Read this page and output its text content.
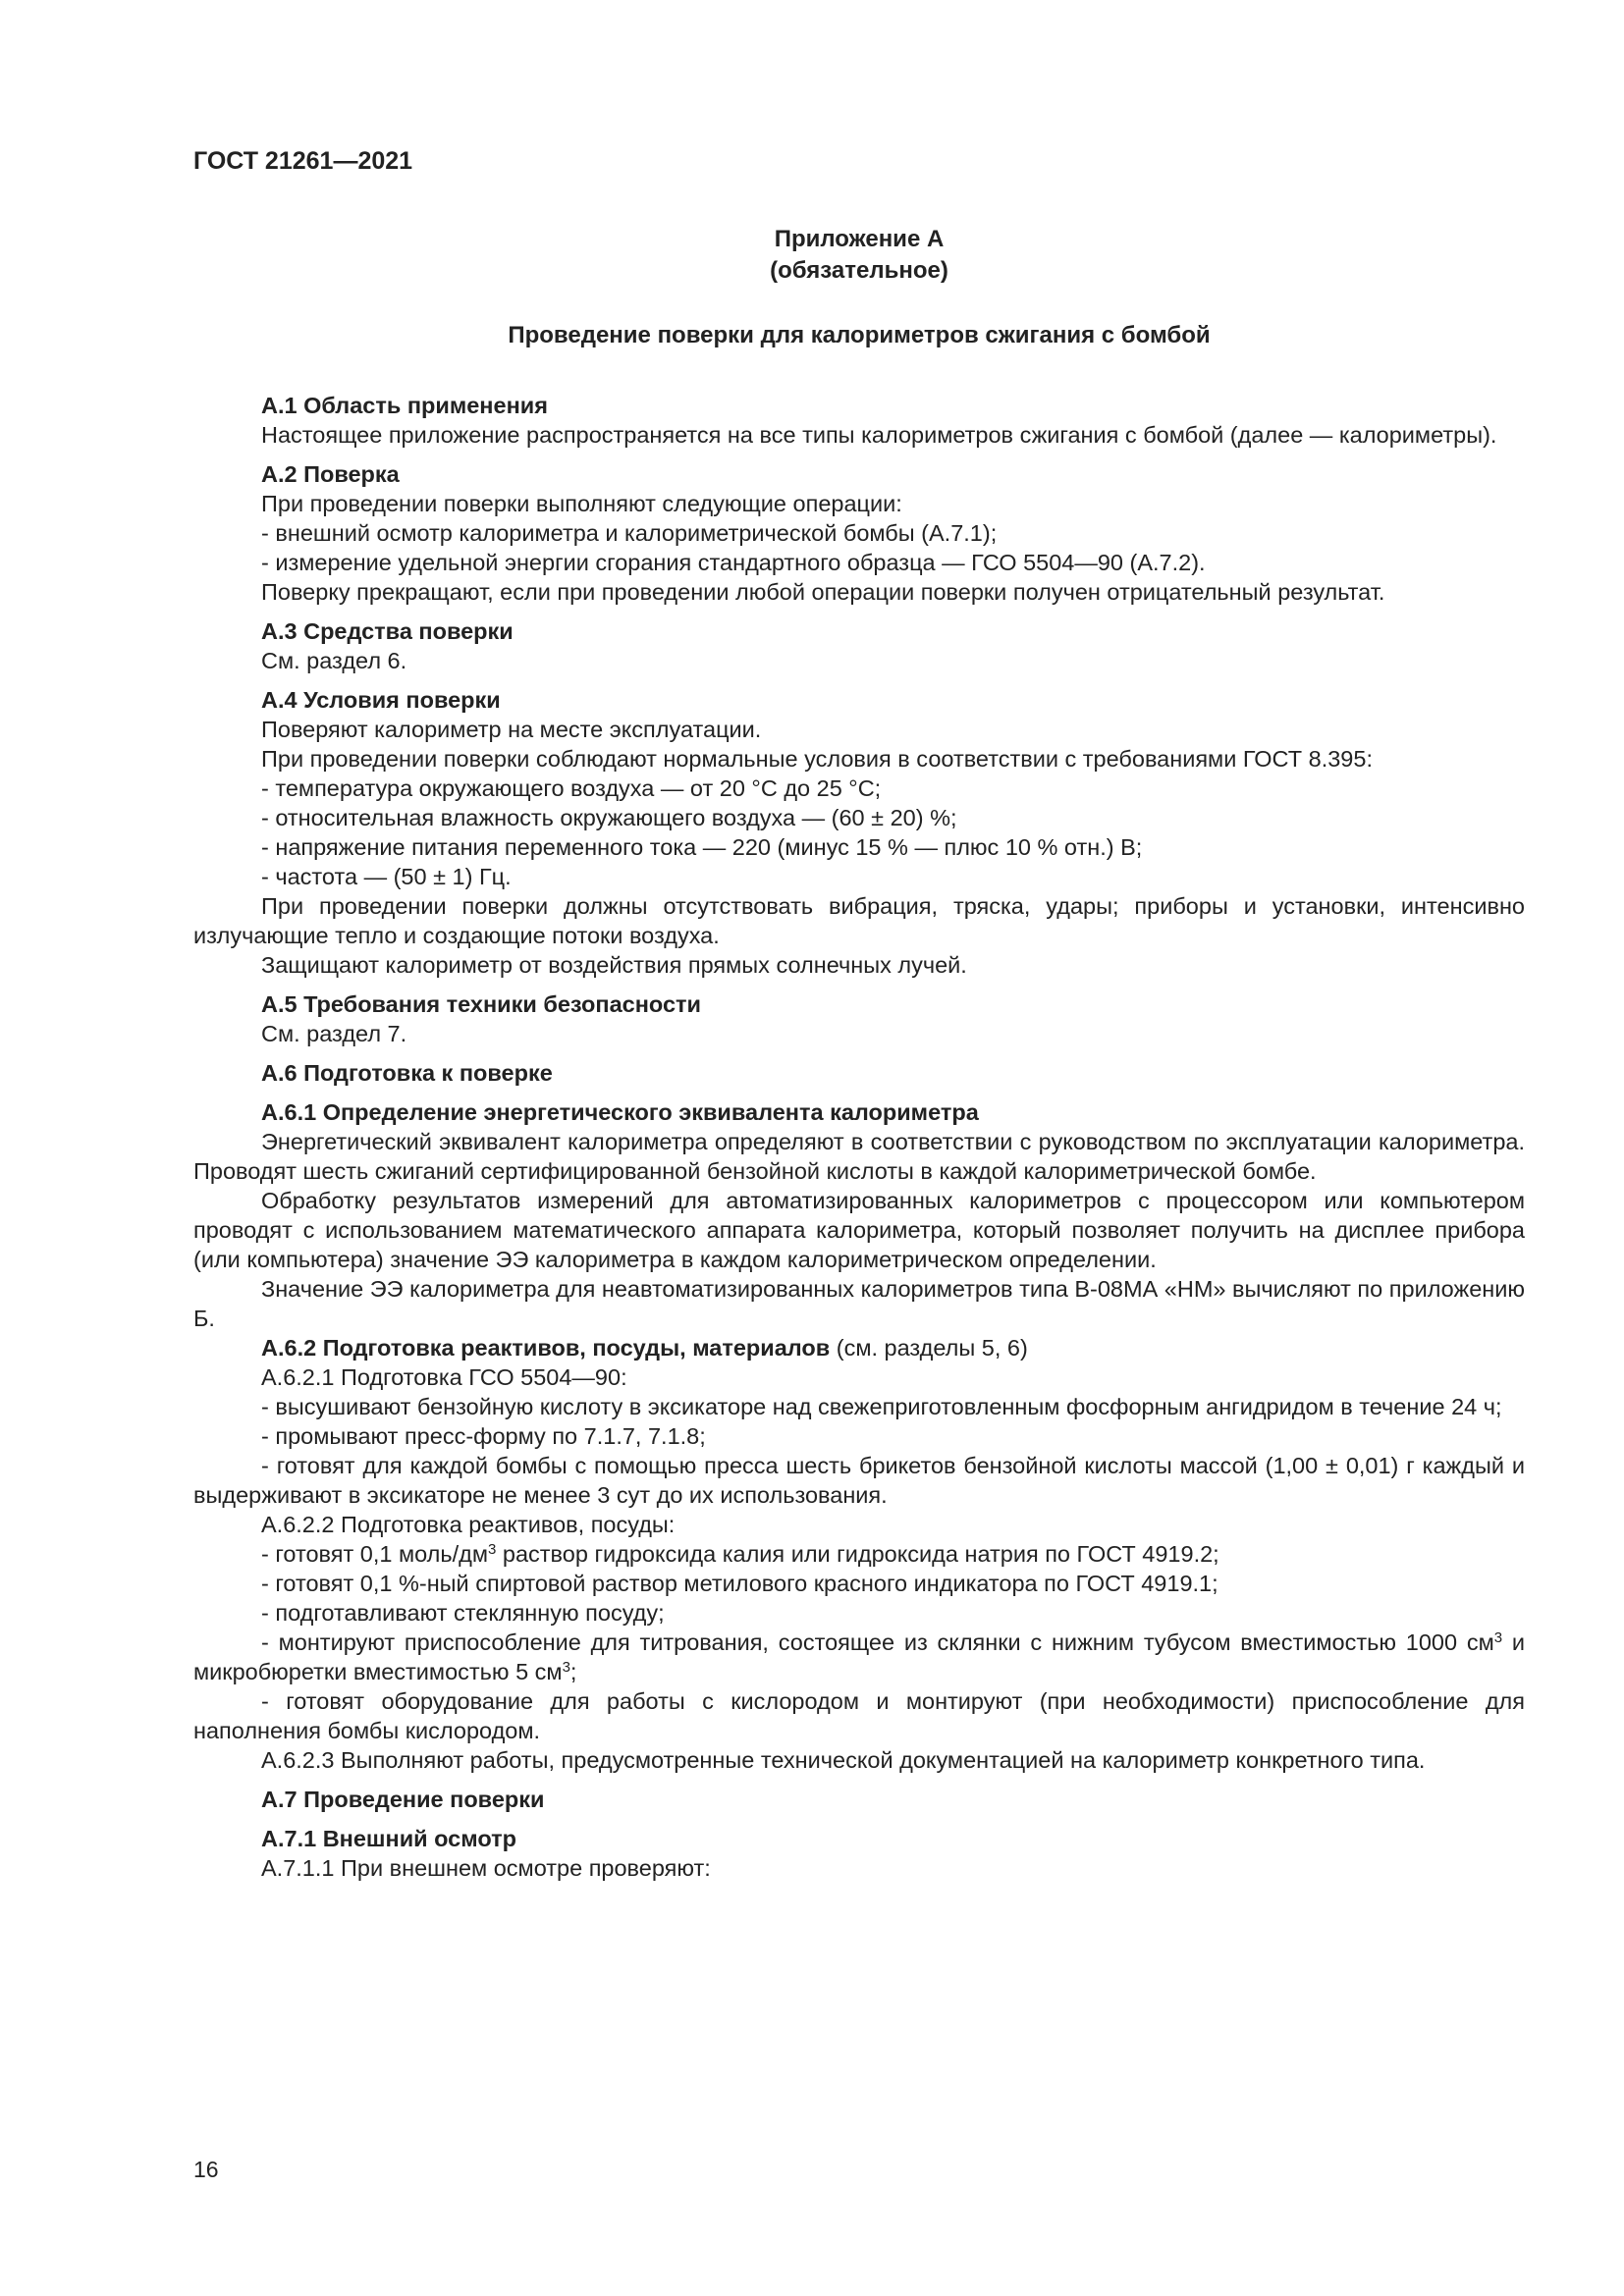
ГОСТ 21261—2021

Приложение А

(обязательное)

Проведение поверки для калориметров сжигания с бомбой

А.1 Область применения

Настоящее приложение распространяется на все типы калориметров сжигания с бомбой (далее — калориметры).

А.2 Поверка

При проведении поверки выполняют следующие операции:

- внешний осмотр калориметра и калориметрической бомбы (А.7.1);

- измерение удельной энергии сгорания стандартного образца — ГСО 5504—90 (А.7.2).

Поверку прекращают, если при проведении любой операции поверки получен отрицательный результат.

А.3 Средства поверки

См. раздел 6.

А.4 Условия поверки

Поверяют калориметр на месте эксплуатации.

При проведении поверки соблюдают нормальные условия в соответствии с требованиями ГОСТ 8.395:

- температура окружающего воздуха — от 20 °С до 25 °С;

- относительная влажность окружающего воздуха — (60 ± 20) %;

- напряжение питания переменного тока — 220 (минус 15 % — плюс 10 % отн.) В;

- частота — (50 ± 1) Гц.

При проведении поверки должны отсутствовать вибрация, тряска, удары; приборы и установки, интенсивно излучающие тепло и создающие потоки воздуха.

Защищают калориметр от воздействия прямых солнечных лучей.

А.5 Требования техники безопасности

См. раздел 7.

А.6 Подготовка к поверке

А.6.1 Определение энергетического эквивалента калориметра

Энергетический эквивалент калориметра определяют в соответствии с руководством по эксплуатации калориметра. Проводят шесть сжиганий сертифицированной бензойной кислоты в каждой калориметрической бомбе.

Обработку результатов измерений для автоматизированных калориметров с процессором или компьютером проводят с использованием математического аппарата калориметра, который позволяет получить на дисплее прибора (или компьютера) значение ЭЭ калориметра в каждом калориметрическом определении.

Значение ЭЭ калориметра для неавтоматизированных калориметров типа В-08МА «НМ» вычисляют по приложению Б.

А.6.2 Подготовка реактивов, посуды, материалов (см. разделы 5, 6)

А.6.2.1 Подготовка ГСО 5504—90:

- высушивают бензойную кислоту в эксикаторе над свежеприготовленным фосфорным ангидридом в течение 24 ч;

- промывают пресс-форму по 7.1.7, 7.1.8;

- готовят для каждой бомбы с помощью пресса шесть брикетов бензойной кислоты массой (1,00 ± 0,01) г каждый и выдерживают в эксикаторе не менее 3 сут до их использования.

А.6.2.2 Подготовка реактивов, посуды:

- готовят 0,1 моль/$дм^3$ раствор гидроксида калия или гидроксида натрия по ГОСТ 4919.2;

- готовят 0,1 %-ный спиртовой раствор метилового красного индикатора по ГОСТ 4919.1;

- подготавливают стеклянную посуду;

- монтируют приспособление для титрования, состоящее из склянки с нижним тубусом вместимостью 1000 $см^3$ и микробюретки вместимостью 5 $см^3$;

- готовят оборудование для работы с кислородом и монтируют (при необходимости) приспособление для наполнения бомбы кислородом.

А.6.2.3 Выполняют работы, предусмотренные технической документацией на калориметр конкретного типа.

А.7 Проведение поверки

А.7.1 Внешний осмотр

А.7.1.1 При внешнем осмотре проверяют:

16
